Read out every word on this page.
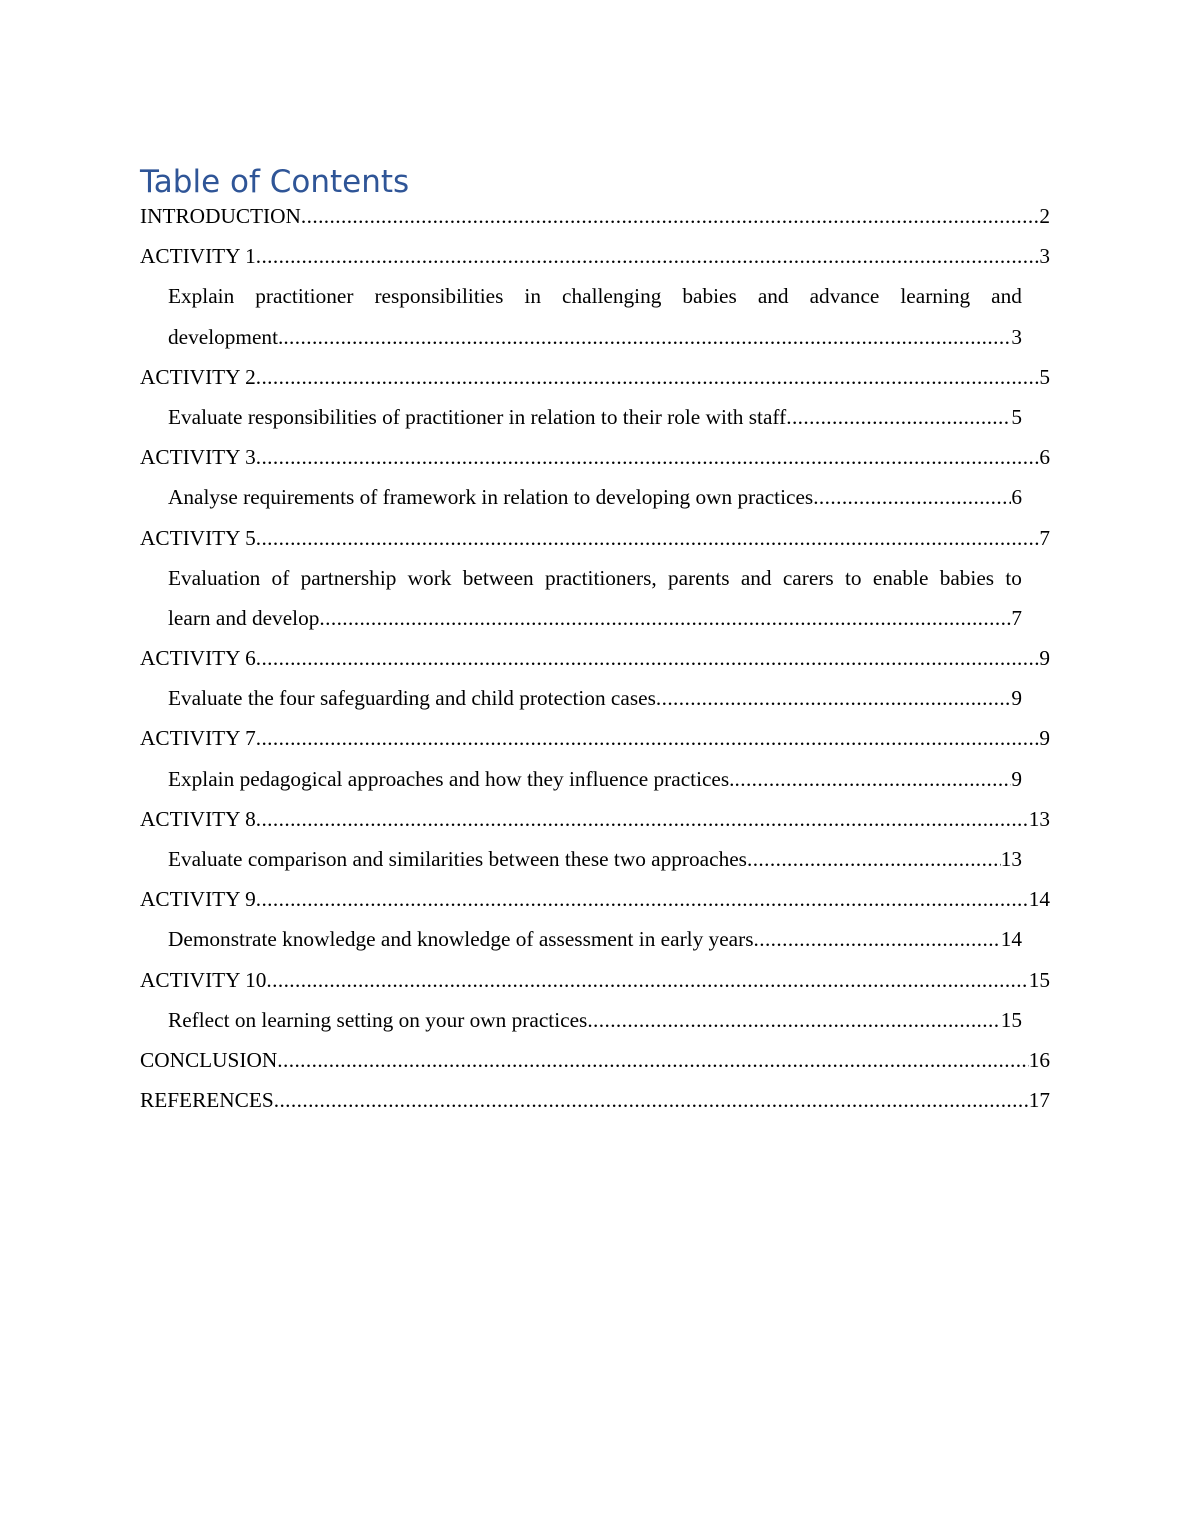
Table of Contents
INTRODUCTION .....	2
ACTIVITY 1 .....	3
Explain practitioner responsibilities in challenging babies and advance learning and
development. .....	3
ACTIVITY 2 .....	5
Evaluate responsibilities of practitioner in relation to their role with staff .....	5
ACTIVITY 3 .....	6
Analyse requirements of framework in relation to developing own practices .....	6
ACTIVITY 5 .....	7
Evaluation of partnership work between practitioners, parents and carers to enable babies to
learn and develop .....	7
ACTIVITY 6 .....	9
Evaluate the four safeguarding and child protection cases .....	9
ACTIVITY 7 .....	9
Explain pedagogical approaches and how they influence practices. .....	9
ACTIVITY 8 .....	13
Evaluate comparison and similarities between these two approaches .....	13
ACTIVITY 9 .....	14
Demonstrate knowledge and knowledge of assessment in early years .....	14
ACTIVITY 10 .....	15
Reflect on learning setting on your own practices .....	15
CONCLUSION .....	16
REFERENCES .....	17
